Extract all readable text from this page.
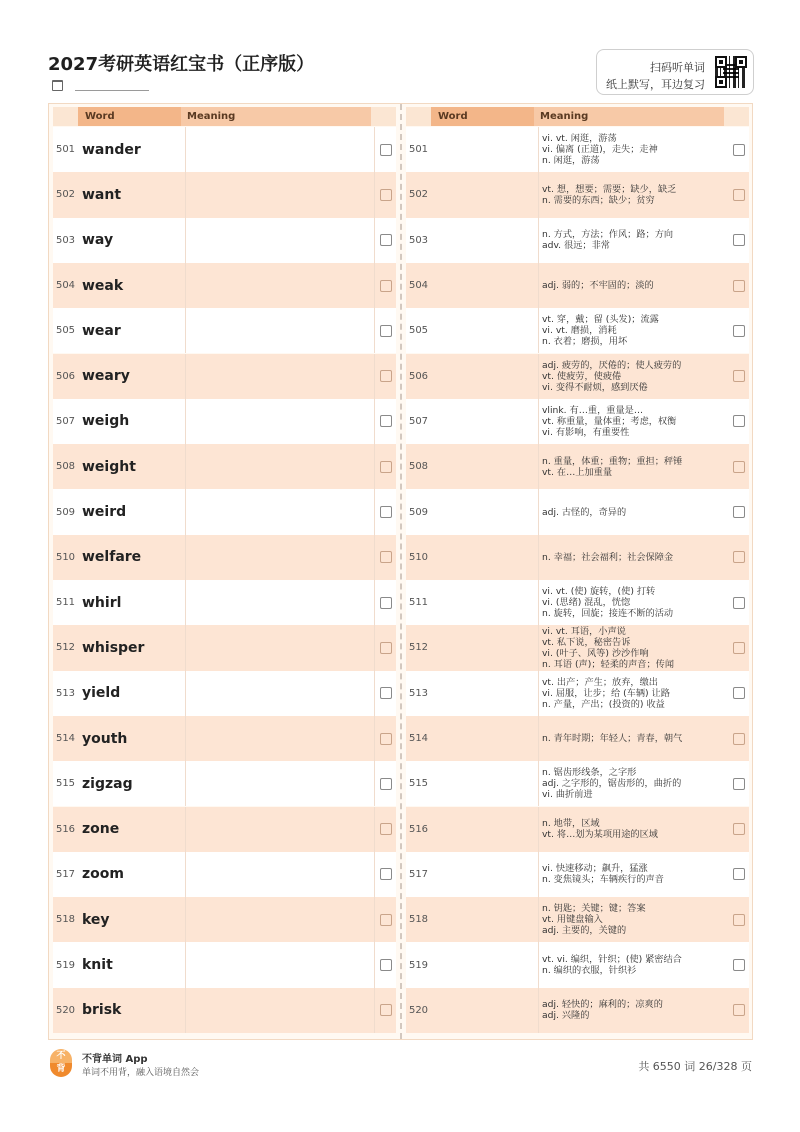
2027考研英语红宝书（正序版）	扫码听单词
纸上默写，耳边复习
Word	Meaning
501 wander
502 want
503 way
504 weak
505 wear
506 weary
507 weigh
508 weight
509 weird
510 welfare
511 whirl
512 whisper
513 yield
514 youth
515 zigzag
516 zone
517 zoom
518 key
519 knit
520 brisk
Word	Meaning
501
vi. vt. 闲逛，游荡
vi. 偏离 (正道)，走失；走神
n. 闲逛，游荡
502	vt. 想，想要；需要；缺少，缺乏
n. 需要的东西；缺少；贫穷
503	n. 方式，方法；作风；路；方向
adv. 很远；非常
504	adj. 弱的；不牢固的；淡的
505
vt. 穿，戴；留 (头发)；流露
vi. vt. 磨损，消耗
n. 衣着；磨损，用坏
506
adj. 疲劳的，厌倦的；使人疲劳的
vt. 使疲劳，使疲倦
vi. 变得不耐烦，感到厌倦
507
vlink. 有…重，重量是…
vt. 称重量，量体重；考虑，权衡
vi. 有影响，有重要性
508	n. 重量，体重；重物；重担；秤锤
vt. 在…上加重量
509	adj. 古怪的，奇异的
510	n. 幸福；社会福利；社会保障金
511
vi. vt. (使) 旋转，(使) 打转
vi. (思绪) 混乱，恍惚
n. 旋转，回旋；接连不断的活动
512
vi. vt. 耳语，小声说
vt. 私下说，秘密告诉
vi. (叶子、风等) 沙沙作响
n. 耳语 (声)；轻柔的声音；传闻
513
vt. 出产；产生；放弃，缴出
vi. 屈服，让步；给 (车辆) 让路
n. 产量，产出；(投资的) 收益
514	n. 青年时期；年轻人；青春，朝气
515
n. 锯齿形线条，之字形
adj. 之字形的，锯齿形的，曲折的
vi. 曲折前进
516	n. 地带，区域
vt. 将…划为某项用途的区域
517	vi. 快速移动；飙升，猛涨
n. 变焦镜头；车辆疾行的声音
518
n. 钥匙；关键；键；答案
vt. 用键盘输入
adj. 主要的，关键的
519	vt. vi. 编织，针织；(使) 紧密结合
n. 编织的衣服，针织衫
520	adj. 轻快的；麻利的；凉爽的
adj. 兴隆的
不
背
不背单词 App
单词不用背，融入语境自然会	共 6550 词 26/328 页
